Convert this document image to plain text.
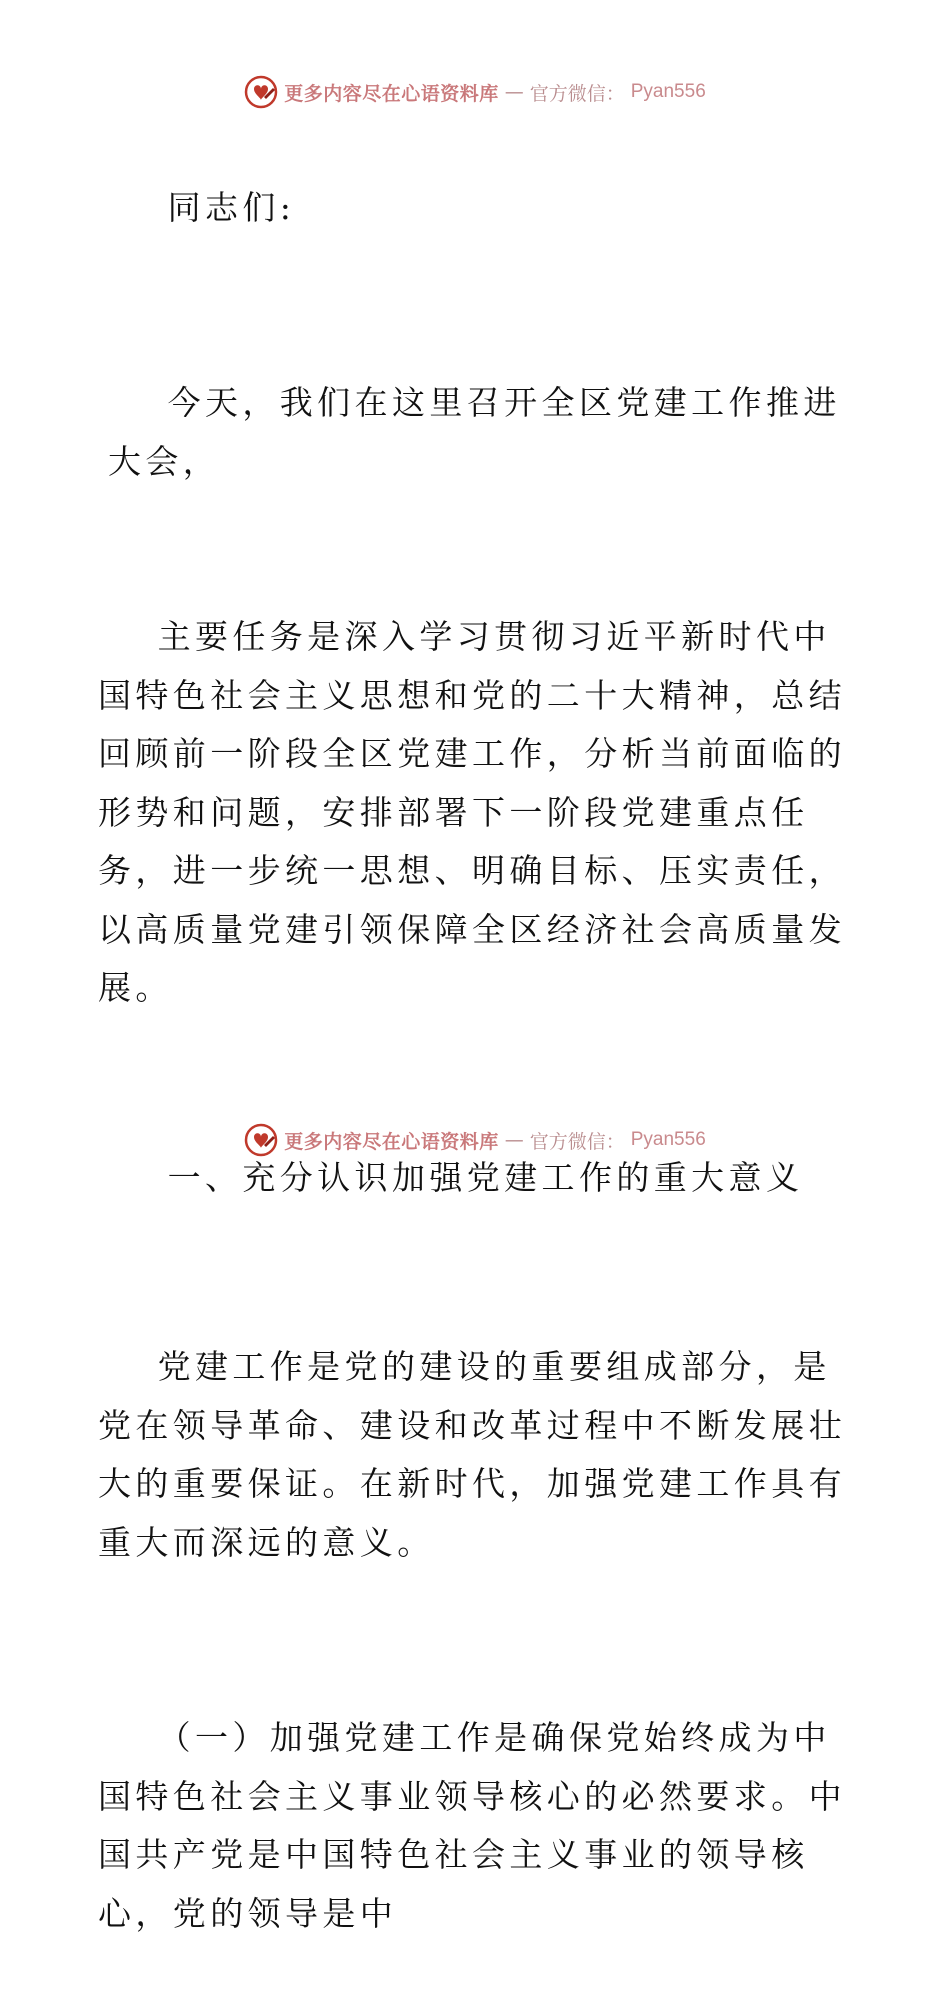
更多内容尽在心语资料库 — 官方微信： Pyan556

同志们:

今天，我们在这里召开全区党建工作推进大会，

主要任务是深入学习贯彻习近平新时代中国特色社会主义思想和党的二十大精神，总结回顾前一阶段全区党建工作，分析当前面临的形势和问题，安排部署下一阶段党建重点任务，进一步统一思想、明确目标、压实责任，以高质量党建引领保障全区经济社会高质量发展。

一、充分认识加强党建工作的重大意义

党建工作是党的建设的重要组成部分，是党在领导革命、建设和改革过程中不断发展壮大的重要保证。在新时代，加强党建工作具有重大而深远的意义。

（一）加强党建工作是确保党始终成为中国特色社会主义事业领导核心的必然要求。中国共产党是中国特色社会主义事业的领导核心，党的领导是中

更多内容尽在心语资料库 — 官方微信： Pyan556
